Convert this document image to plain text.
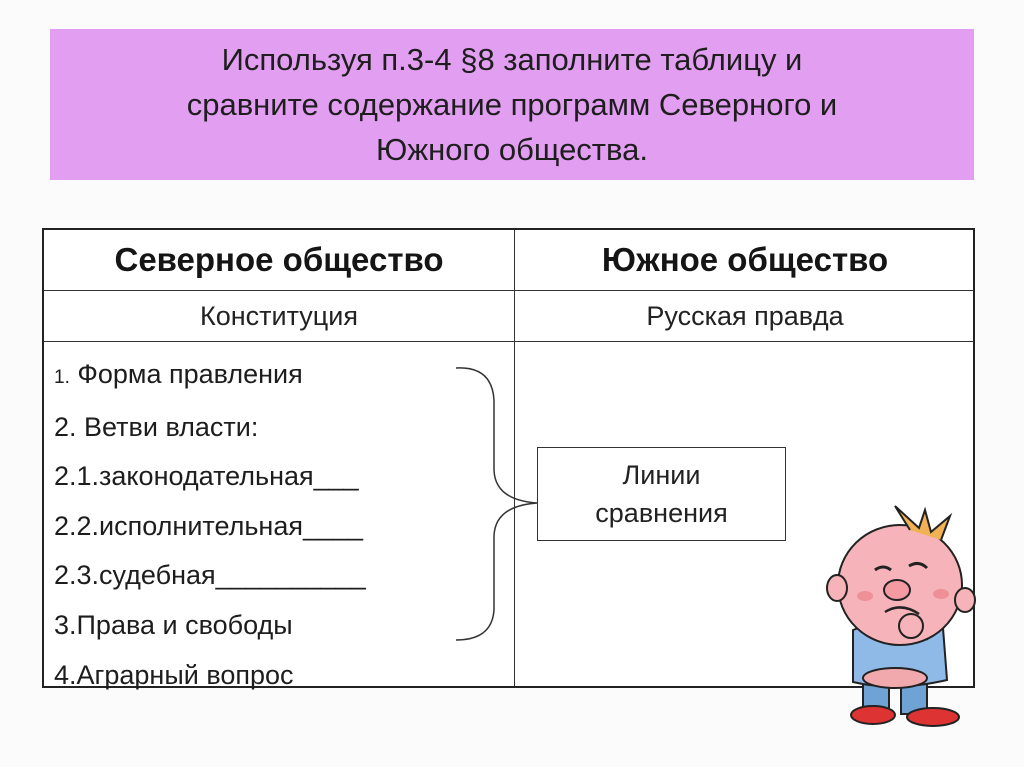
Используя п.3-4 §8 заполните таблицу и
сравните содержание программ Северного и
Южного общества.
Северное общество	Южное общество
Конституция	Русская правда
1. Форма правления
2. Ветви власти:
2.1.законодательная___
2.2.исполнительная____
2.3.судебная__________
3.Права и свободы
4.Аграрный вопрос
Линии
сравнения
